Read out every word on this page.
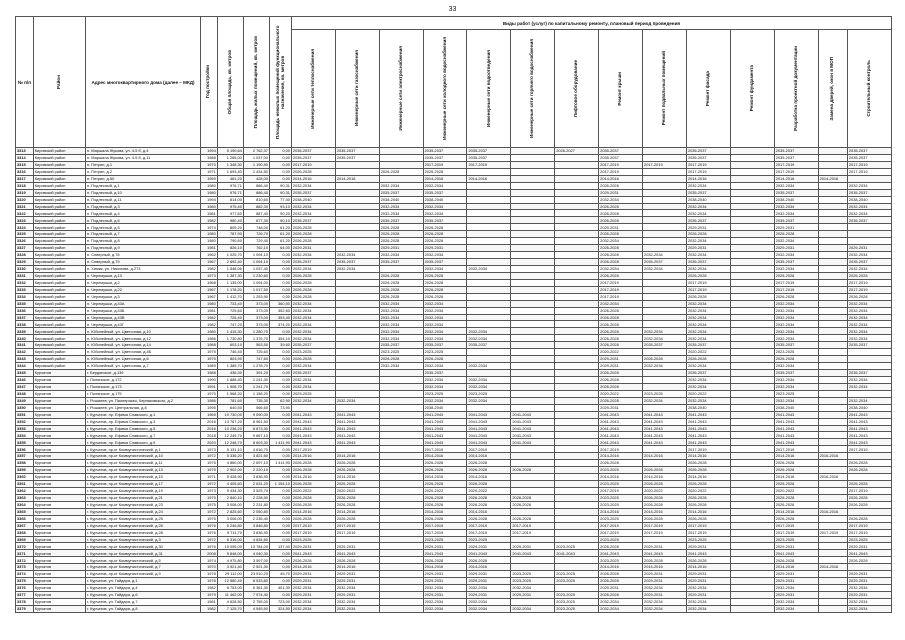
33
№ п/п	Район	Адрес многоквартирного дома (далее – МКД)	Год постройки	Общая площадь, кв. метров	Площадь жилых помещений, кв. метров	Площадь нежилых помещений функционального назначения, кв. метров	Виды работ (услуг) по капитальному ремонту, плановый период проведения													

							Инженерные сети теплоснабжения	Инженерные сети газоснабжения	Инженерные сети электроснабжения	Инженерные сети холодного водоснабжения	Инженерные сети водоотведения	Инженерные сети горячего водоснабжения	Лифтовое оборудование	Ремонт крыши	Ремонт подвальных помещений	Ремонт фасада	Ремонт фундамента	Разработка проектной документации	Замена дверей, окон в МОП	Строительный контроль

3313	Кировский район	п. Маршала Жукова, ул. 4-5 б, д.4	1994	5 190,64	2 762,37	0,00	2035-2037	2035-2037		2035-2037	2035-2037		2026-2027	2035-2037		2035-2037		2035-2037		2035-2037
3314	Кировский район	п. Маршала Жукова, ул. 4-5 б, д.11	1988	1 265,00	1 037,00	0,00	2035-2037	2035-2037		2035-2037	2035-2037			2035-2037		2035-2037		2035-2037		2035-2037
3315	Кировский район	п. Петрин, д.1	1970	1 348,30	1 190,90	0,00	2017-2019			2017-2019	2017-2019			2017-2019	2017-2019	2017-2019		2017-2019		2017-2019
3316	Кировский район	п. Петрин, д.2	1971	1 693,40	1 434,50	0,00	2026-2028		2026-2028	2026-2028				2017-2019		2017-2019		2017-2019		2017-2019
3317	Кировский район	п. Петрин, д.50	1959	481,20	428,00	0,00	2014-2016	2014-2016		2014-2016	2014-2016			2014-2016		2014-2016		2014-2016	2014-2016	
3318	Кировский район	п. Подлесный, д.1	1980	976,71	886,40	90,31	2032-2034		2032-2034	2032-2034				2026-2028		2032-2034		2032-2034		2032-2034
3319	Кировский район	п. Подлесный, д.10	1980	976,71	886,40	90,31	2035-2037		2035-2037	2035-2037				2029-2031		2035-2037		2035-2037		2035-2037
3320	Кировский район	п. Подлесный, д.11	1994	814,00	810,60	77,40	2038-2040		2038-2040	2038-2040				2032-2034		2038-2040		2038-2040		2038-2040
3321	Кировский район	п. Подлесный, д.3	1980	975,40	882,30	93,10	2032-2034		2032-2034	2032-2034				2026-2028		2032-2034		2032-2034		2032-2034
3322	Кировский район	п. Подлесный, д.4	1981	977,60	887,40	90,20	2032-2034		2032-2034	2032-2034				2026-2028		2032-2034		2032-2034		2032-2034
3323	Кировский район	п. Подлесный, д.6	1982	980,40	877,30	90,10	2035-2037		2035-2037	2035-2037				2026-2028		2035-2037		2035-2037		2035-2037
3324	Кировский район	п. Подлесный, д.5	1974	809,20	748,00	61,20	2026-2028		2026-2028	2026-2028				2029-2031		2029-2031		2029-2031		
3325	Кировский район	п. Подлесный, д.7	1980	787,90	726,70	61,20	2026-2028		2026-2028	2026-2028				2026-2028		2026-2028		2026-2028		
3326	Кировский район	п. Подлесный, д.8	1980	790,60	729,40	61,20	2026-2028		2026-2028	2026-2028				2032-2034		2032-2034		2032-2034		
3327	Кировский район	п. Подлесный, д.9	1981	826,10	762,10	64,00	2029-2031		2029-2031	2029-2031				2026-2028		2029-2031		2029-2031		2029-2031
3328	Кировский район	п. Северный, д.78	1962	1 025,70	1 094,10	0,00	2032-2034	2032-2034	2032-2034	2032-2034				2026-2028	2032-2034	2032-2034		2032-2034		2032-2034
3329	Кировский район	п. Северный, д.79	1967	2 692,40	1 094,10	0,00	2035-2037	2035-2037	2035-2037	2035-2037				2026-2028	2035-2037	2035-2037		2035-2037		2035-2037
3330	Кировский район	п. Химик, ул. Никонова, д.273	1982	1 548,06	1 037,40	0,00	2032-2034	2032-2034		2032-2034	2032-2034			2032-2034	2032-2034	2032-2034		2032-2034		2032-2034
3331	Кировский район	п. Черемушки, д.10	1973	1 387,30	1 230,60	0,00	2026-2028		2026-2028	2026-2028				2026-2028		2026-2028		2026-2028		2026-2028
3332	Кировский район	п. Черемушки, д.2	1968	1 135,00	1 094,00	0,00	2026-2028		2026-2028	2026-2028				2017-2019		2017-2019		2017-2019		2017-2019
3333	Кировский район	п. Черемушки, д.22	1967	1 178,20	1 017,50	0,00	2026-2028		2026-2028	2026-2028				2017-2019		2017-2019		2017-2019		2017-2019
3334	Кировский район	п. Черемушки, д.3	1967	1 412,70	1 253,90	0,00	2026-2028		2026-2028	2026-2028				2017-2019		2026-2028		2026-2028		2026-2028
3335	Кировский район	п. Черемушки, д.43А	1980	733,40	373,00	360,50	2032-2034		2032-2034	2032-2034				2032-2034		2032-2034		2032-2034		2032-2034
3336	Кировский район	п. Черемушки, д.43Б	1981	725,60	373,00	352,60	2032-2034		2032-2034	2032-2034				2026-2028		2032-2034		2032-2034		2032-2034
3337	Кировский район	п. Черемушки, д.43В	1982	726,40	373,00	353,40	2032-2034		2032-2034	2032-2034				2026-2028		2032-2034		2032-2034		2032-2034
3338	Кировский район	п. Черемушки, д.43Г	1982	747,20	373,00	374,20	2032-2034		2032-2034	2032-2034				2026-2028		2032-2034		2032-2034		2032-2034
3339	Кировский район	п. Юбилейный, ул. Цветочная, д.10	1980	1 415,30	1 280,70	0,00	2032-2034		2032-2034	2032-2034	2032-2034			2026-2028	2032-2034	2032-2034		2032-2034		2032-2034
3340	Кировский район	п. Юбилейный, ул. Цветочная, д.12	1986	1 730,80	1 376,70	354,10	2032-2034		2032-2034	2032-2034	2032-2034			2026-2028	2032-2034	2032-2034		2032-2034		2032-2034
3341	Кировский район	п. Юбилейный, ул. Цветочная, д.14	1988	603,10	563,50	39,60	2035-2037		2035-2037	2035-2037	2035-2037			2026-2028	2035-2037	2035-2037		2035-2037		2035-2037
3342	Кировский район	п. Юбилейный, ул. Цветочная, д.4Б	1975	746,40	725,60	0,00	2023-2025		2023-2025	2023-2025				2020-2022		2020-2022		2023-2025		
3343	Кировский район	п. Юбилейный, ул. Цветочная, д.6	1975	803,90	747,60	0,00	2026-2028		2026-2028	2026-2028				2029-2031	2026-2028	2026-2028		2026-2028		
3344	Кировский район	п. Юбилейный, ул. Цветочная, д.7	1989	1 385,70	1 278,70	0,00	2032-2034		2032-2034	2032-2034	2032-2034			2029-2031	2032-2034	2032-2034		2032-2034		
3345	Курчатов	г. Бердянское, д.139	1988	436,30	391,20	0,00	2035-2037			2035-2037				2026-2028		2035-2037		2035-2037		2035-2037
3346	Курчатов	г. Полянское, д.172	1990	1 888,40	1 241,30	0,00	2032-2034			2032-2034	2032-2034			2026-2028		2032-2034		2032-2034		2032-2034
3347	Курчатов	г. Полянское, д.173	1991	1 908,70	1 241,70	0,00	2032-2034			2032-2034	2032-2034			2026-2028		2032-2034		2032-2034		2032-2034
3348	Курчатов	г. Полянское, д.175	1975	1 568,20	1 158,20	0,00	2023-2025			2023-2025	2023-2025			2020-2022	2023-2025	2020-2022		2023-2025		
3349	Курчатов	г. Рошалев, ул. Пионерская, Черняковского, д.2	1986	781,60	735,30	62,90	2032-2034	2032-2034		2032-2034	2032-2034			2026-2028	2032-2034	2032-2034		2032-2034		2032-2034
3350	Курчатов	г. Рошалев, ул. Центральная, д.8	1995	640,50	566,60	73,90				2038-2040				2029-2031		2038-2040		2038-2040		2038-2040
3351	Курчатов	г. Курчатов, пр. Ефима Славского, д.1	1969	10 730,00	9 090,00	0,00	2041-2043	2041-2043		2041-2043	2041-2043	2041-2043		2041-2043	2041-2043	2041-2043		2041-2043		2041-2043
3352	Курчатов	г. Курчатов, пр. Ефима Славского, д.3	2016	13 767,20	8 961,50	0,00	2041-2043	2041-2043		2041-2043	2041-2043	2041-2043		2041-2043	2041-2043	2041-2043		2041-2043		2041-2043
3353	Курчатов	г. Курчатов, пр. Ефима Славского, д.5	2016	10 238,20	8 873,30	0,00	2041-2043	2041-2043		2041-2043	2041-2043	2041-2043		2041-2043	2041-2043	2041-2043		2041-2043		2041-2043
3354	Курчатов	г. Курчатов, пр. Ефима Славского, д.7	2018	12 249,70	9 667,10	0,00	2041-2043	2041-2043		2041-2043	2041-2043	2041-2043		2041-2043	2041-2043	2041-2043		2041-2043		2041-2043
3355	Курчатов	г. Курчатов, пр. Ефима Славского, д.9	2020	12 248,70	8 603,30	1 411,90	2041-2043	2041-2043		2041-2043	2041-2043	2041-2043		2041-2043	2041-2043	2041-2043		2041-2043		2041-2043
3356	Курчатов	г. Курчатов, пр-кт Коммунистический, д.1	1973	5 131,10	4 616,70	0,00	2017-2019			2017-2019	2017-2019			2017-2019		2017-2019		2017-2019		2017-2019
3357	Курчатов	г. Курчатов, пр-кт Коммунистический, д.10	1972	5 336,20	3 821,60	0,00	2014-2016	2014-2016		2014-2016	2014-2016			2014-2016	2014-2016	2014-2016		2014-2016	2016-2016	
3358	Курчатов	г. Курчатов, пр-кт Коммунистический, д.11	1975	4 860,00	2 697,10	1 411,90	2026-2028	2026-2028		2026-2028	2026-2028			2026-2028		2026-2028		2026-2028		2026-2028
3359	Курчатов	г. Курчатов, пр-кт Коммунистический, д.13	1975	2 902,00	2 220,10	0,00	2026-2028	2026-2028		2026-2028	2026-2028	2026-2028		2023-2025	2026-2028	2026-2028		2026-2028		2026-2028
3360	Курчатов	г. Курчатов, пр-кт Коммунистический, д.15	1971	5 428,90	3 836,90	0,00	2014-2016	2014-2016		2014-2016	2014-2016			2014-2016	2014-2016	2014-2016		2014-2016	2016-2016	
3361	Курчатов	г. Курчатов, пр-кт Коммунистический, д.17	1972	4 405,60	2 631,20	1 154,10	2026-2028	2026-2028		2026-2028	2026-2028			2023-2025	2026-2028	2026-2028		2026-2028		2026-2028
3362	Курчатов	г. Курчатов, пр-кт Коммунистический, д.19	1973	5 434,30	3 525,70	0,00	2020-2022	2020-2022		2020-2022	2020-2022			2017-2019	2020-2022	2020-2022		2020-2022		2017-2019
3363	Курчатов	г. Курчатов, пр-кт Коммунистический, д.21	1975	2 840,10	2 228,90	0,00	2026-2028	2026-2028		2026-2028	2026-2028	2026-2028		2023-2025	2026-2028	2026-2028		2026-2028		2026-2028
3364	Курчатов	г. Курчатов, пр-кт Коммунистический, д.23	1975	3 008,00	2 231,80	0,00	2026-2028	2026-2028		2026-2028	2026-2028	2026-2028		2023-2025	2026-2028	2026-2028		2026-2028		2026-2028
3365	Курчатов	г. Курчатов, пр-кт Коммунистический, д.24	1972	2 825,60	2 050,80	0,00	2014-2016	2014-2016		2014-2016	2014-2016			2014-2016	2014-2016	2014-2016		2014-2016	2016-2016	
3366	Курчатов	г. Курчатов, пр-кт Коммунистический, д.25	1975	3 006,00	2 235,40	0,00	2026-2028	2026-2028		2026-2028	2026-2028	2026-2028		2023-2025	2026-2028	2026-2028		2026-2028		2026-2028
3367	Курчатов	г. Курчатов, пр-кт Коммунистический, д.26	1976	5 246,80	3 846,80	0,00	2017-2019	2017-2019		2017-2019	2017-2019	2017-2019		2017-2019	2017-2019	2017-2019		2017-2019		2017-2019
3368	Курчатов	г. Курчатов, пр-кт Коммунистический, д.28	1976	5 711,70	3 836,90	0,00	2017-2019	2017-2019		2017-2019	2017-2019	2017-2019		2017-2019	2017-2019	2017-2019		2017-2019	2017-2019	2017-2019
3369	Курчатов	г. Курчатов, пр-кт Коммунистический, д.3	1972	6 316,00	4 634,60	0,00	2023-2025			2023-2025	2023-2025			2023-2025		2023-2025		2023-2025		2023-2025
3370	Курчатов	г. Курчатов, пр-кт Коммунистический, д.30	1976	15 055,00	13 784,00	137,40	2029-2031	2029-2031		2029-2031	2029-2031	2029-2031	2023-2025	2026-2028	2029-2031	2029-2031		2029-2031		2029-2031
3371	Курчатов	г. Курчатов, пр-кт Коммунистический, д.31	2008	5 848,00	4 040,30	0,00	2041-2043	2041-2043		2041-2043	2041-2043	2041-2043	2041-2043	2041-2043	2041-2043	2041-2043		2041-2043		2041-2043
3372	Курчатов	г. Курчатов, пр-кт Коммунистический, д.5	1974	4 975,80	3 597,00	0,00	2026-2028	2026-2028		2026-2028	2026-2028			2023-2025	2026-2028	2026-2028		2026-2028		2026-2028
3373	Курчатов	г. Курчатов, пр-кт Коммунистический, д.7	1970	3 521,40	2 521,30	0,00	2014-2016	2014-2016		2014-2016	2014-2016			2014-2016	2014-2016	2014-2016		2014-2016	2014-2016	
3374	Курчатов	г. Курчатов, пр-кт Коммунистический, д.9	1978	29 112,00	23 910,20	45,70	2029-2031	2029-2031		2029-2031	2029-2031	2023-2025	2023-2025	2026-2028	2029-2031	2029-2031		2029-2031		2029-2031
3375	Курчатов	г. Курчатов, ул. Гайдара, д.1	1978	12 580,40	8 533,60	0,00	2029-2031	2029-2031		2029-2031	2029-2031	2023-2025	2023-2025	2026-2028	2029-2031	2029-2031		2029-2031		2029-2031
3376	Курчатов	г. Курчатов, ул. Гайдара, д.4	1982	8 753,00	6 361,30	401,30	2032-2034	2032-2034		2032-2034	2032-2034	2032-2034		2029-2031	2032-2034	2032-2034		2032-2034		2032-2034
3377	Курчатов	г. Курчатов, ул. Гайдара, д.6	1979	11 462,00	7 974,40	0,00	2029-2031	2029-2031		2029-2031	2029-2031	2029-2031	2023-2025	2026-2028	2029-2031	2029-2031		2029-2031		2029-2031
3378	Курчатов	г. Курчатов, ул. Гайдара, д.7	1981	4 628,50	2 755,00	723,00	2032-2034	2032-2034		2032-2034	2032-2034		2023-2025	2032-2034	2032-2034	2032-2034		2032-2034		2032-2034
3379	Курчатов	г. Курчатов, ул. Гайдара, д.8	1982	7 125,70	4 545,90	324,50	2032-2034	2032-2034		2032-2034	2032-2034	2032-2034	2023-2025	2032-2034	2032-2034	2032-2034		2032-2034		2032-2034
